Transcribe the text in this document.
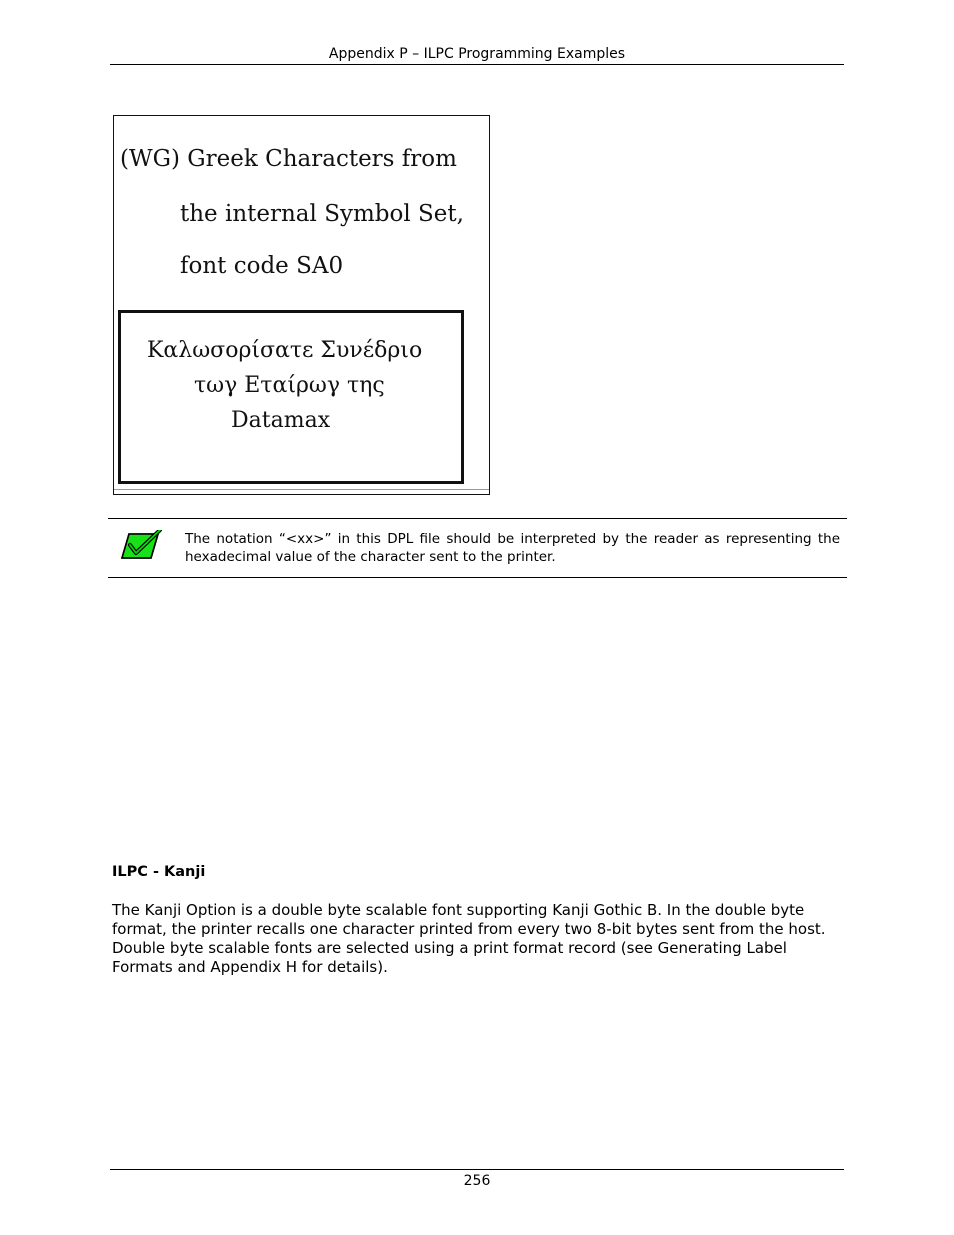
Appendix P – ILPC Programming Examples
(WG) Greek Characters from
the internal Symbol Set,
font code SA0
Καλωσορίσατε Συνέδριο
τωγ Εταίρωγ της
Datamax
The notation “<xx>” in this DPL file should be interpreted by the reader as representing the hexadecimal value of the character sent to the printer.
ILPC - Kanji
The Kanji Option is a double byte scalable font supporting Kanji Gothic B. In the double byte format, the printer recalls one character printed from every two 8-bit bytes sent from the host. Double byte scalable fonts are selected using a print format record (see Generating Label Formats and Appendix H for details).
256
